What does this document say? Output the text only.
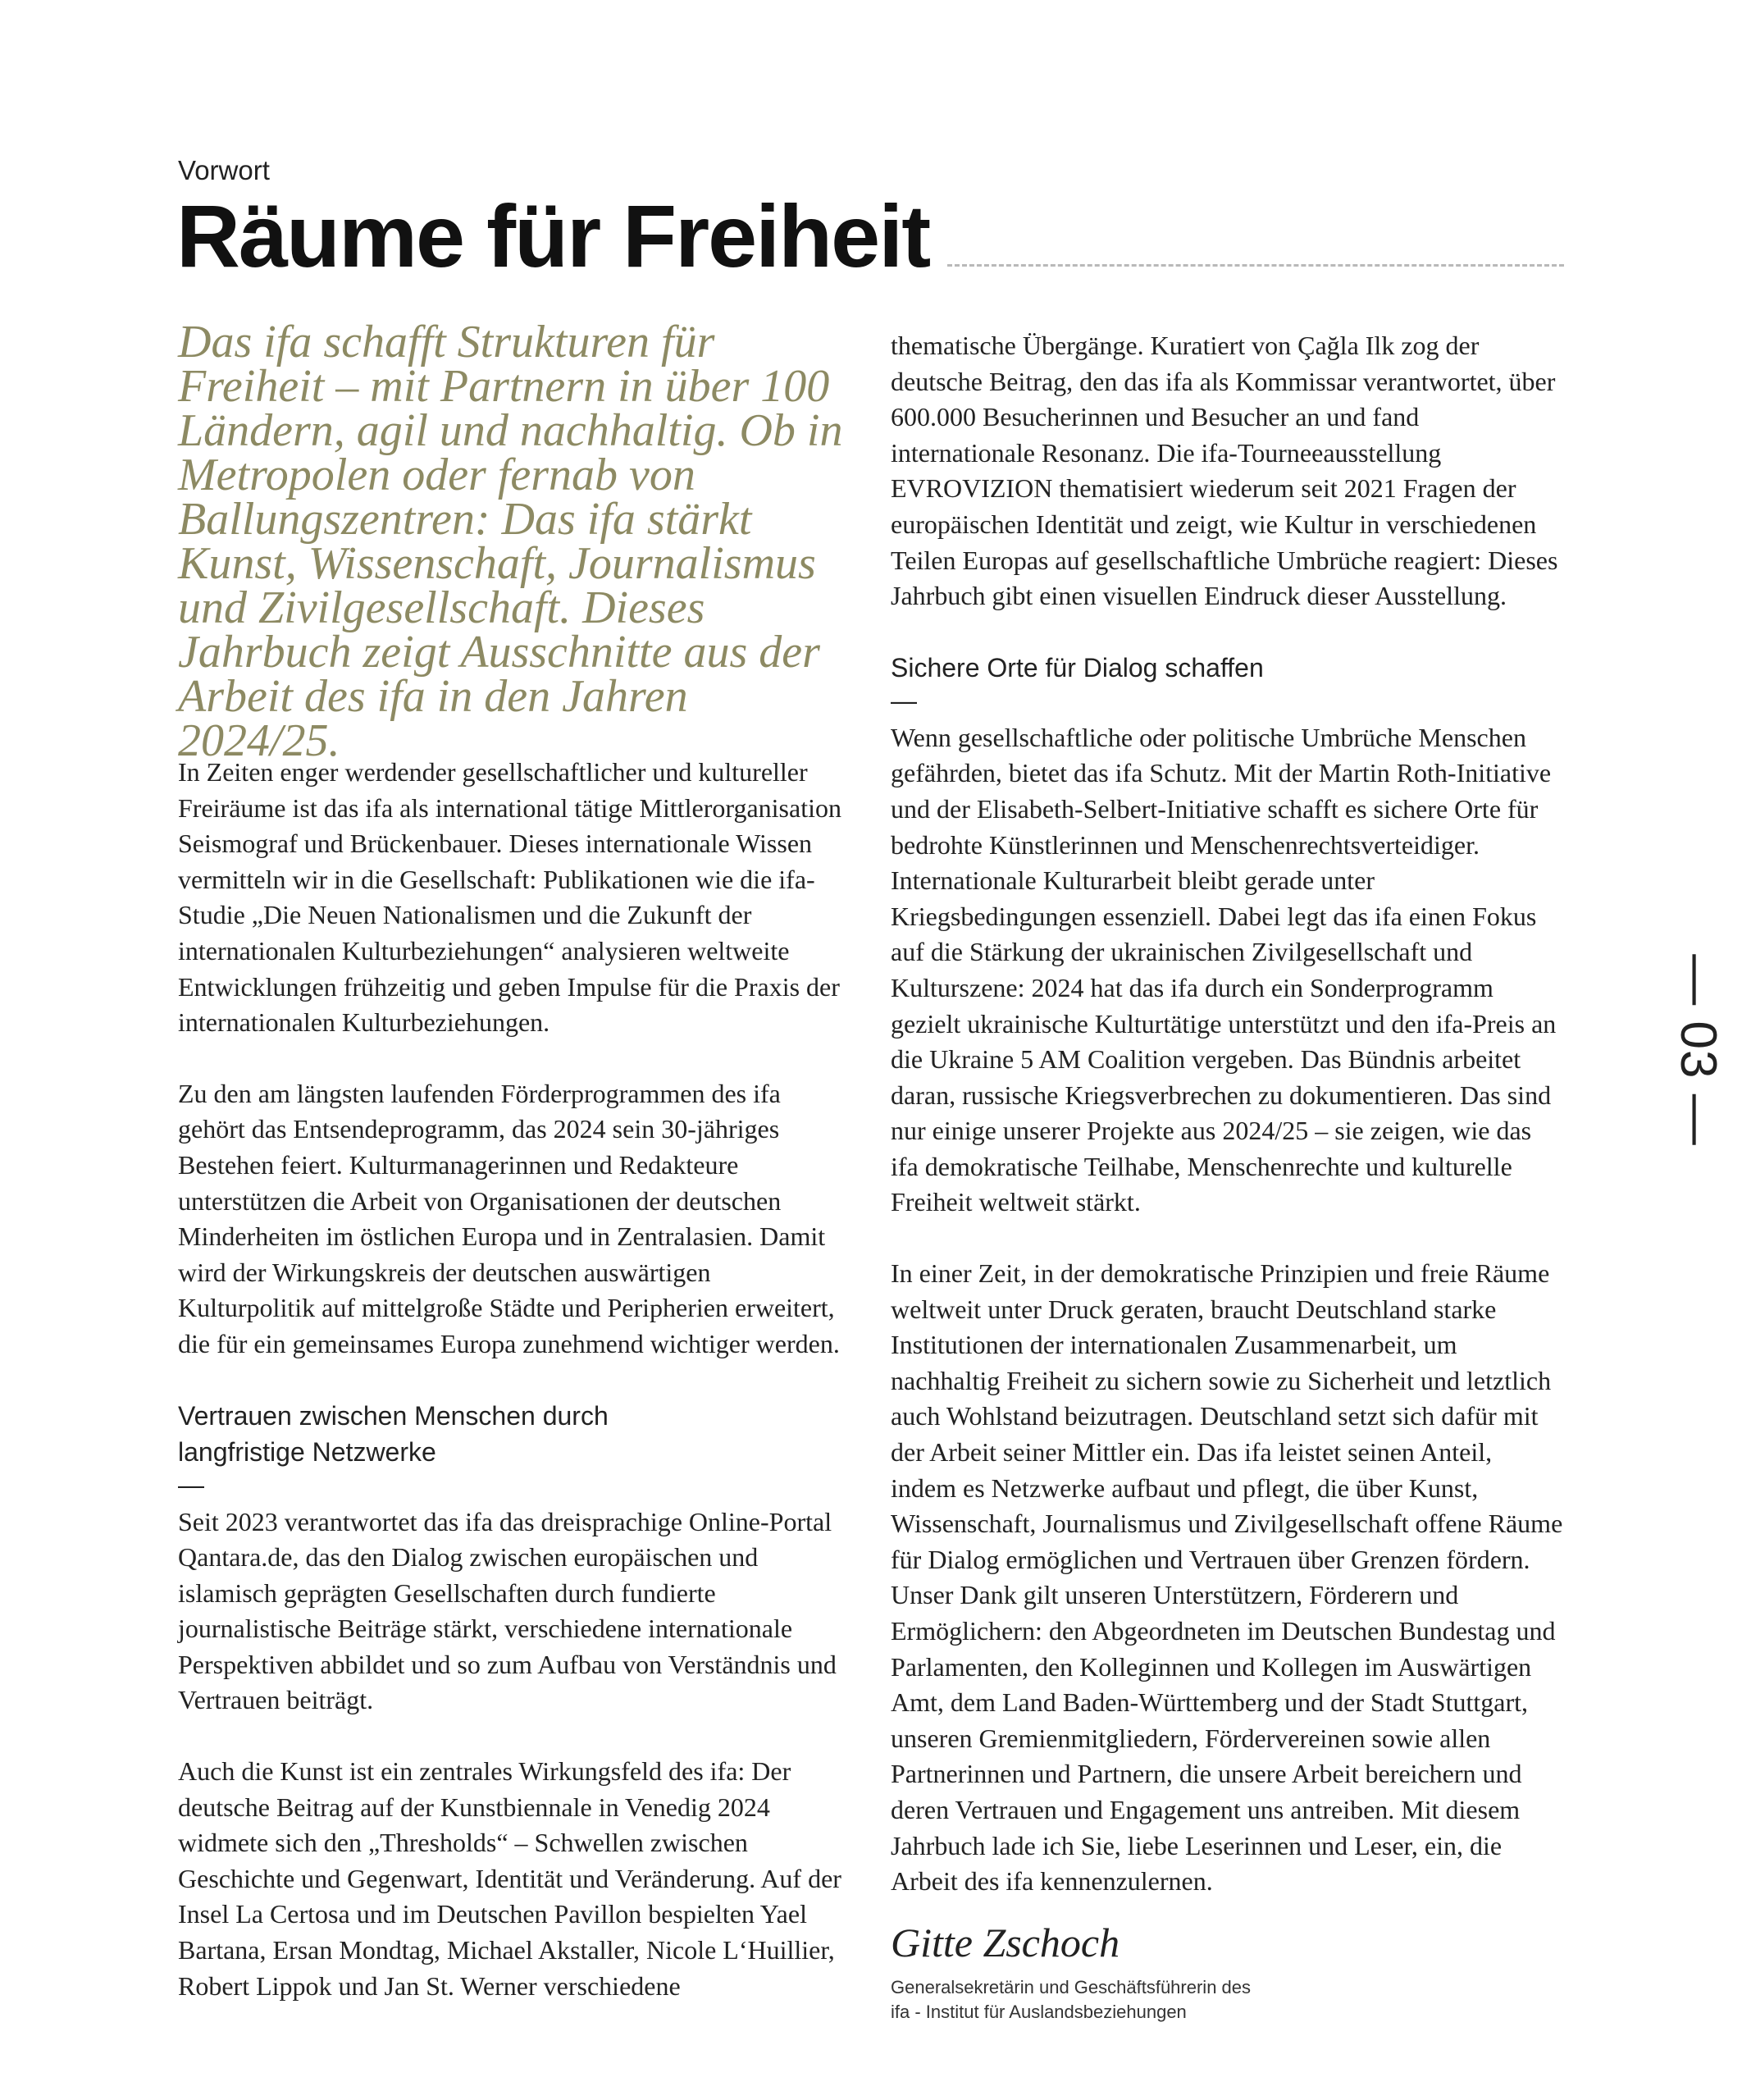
Vorwort
Räume für Freiheit
Das ifa schafft Strukturen für Freiheit – mit Partnern in über 100 Ländern, agil und nachhaltig. Ob in Metropolen oder fernab von Ballungszentren: Das ifa stärkt Kunst, Wissenschaft, Journalismus und Zivilgesellschaft. Dieses Jahrbuch zeigt Ausschnitte aus der Arbeit des ifa in den Jahren 2024/25.

In Zeiten enger werdender gesellschaftlicher und kultureller Freiräume ist das ifa als international tätige Mittlerorganisation Seismograf und Brückenbauer. Dieses internationale Wissen vermitteln wir in die Gesellschaft: Publikationen wie die ifa-Studie „Die Neuen Nationalismen und die Zukunft der internationalen Kulturbeziehungen“ analysieren weltweite Entwicklungen frühzeitig und geben Impulse für die Praxis der internationalen Kulturbeziehungen.

Zu den am längsten laufenden Förderprogrammen des ifa gehört das Entsendeprogramm, das 2024 sein 30-jähriges Bestehen feiert. Kulturmanagerinnen und Redakteure unterstützen die Arbeit von Organisationen der deutschen Minderheiten im östlichen Europa und in Zentralasien. Damit wird der Wirkungskreis der deutschen auswärtigen Kulturpolitik auf mittelgroße Städte und Peripherien erweitert, die für ein gemeinsames Europa zunehmend wichtiger werden.

Vertrauen zwischen Menschen durch

langfristige Netzwerke

—

Seit 2023 verantwortet das ifa das dreisprachige Online-Portal Qantara.de, das den Dialog zwischen europäischen und islamisch geprägten Gesellschaften durch fundierte journalistische Beiträge stärkt, verschiedene internationale Perspektiven abbildet und so zum Aufbau von Verständnis und Vertrauen beiträgt.

Auch die Kunst ist ein zentrales Wirkungsfeld des ifa: Der deutsche Beitrag auf der Kunstbiennale in Venedig 2024 widmete sich den „Thresholds“ – Schwellen zwischen Geschichte und Gegenwart, Identität und Veränderung. Auf der Insel La Certosa und im Deutschen Pavillon bespielten Yael Bartana, Ersan Mondtag, Michael Akstaller, Nicole L‘Huillier, Robert Lippok und Jan St. Werner verschiedene

thematische Übergänge. Kuratiert von Çağla Ilk zog der deutsche Beitrag, den das ifa als Kommissar verantwortet, über 600.000 Besucherinnen und Besucher an und fand internationale Resonanz. Die ifa-Tourneeausstellung EVROVIZION thematisiert wiederum seit 2021 Fragen der europäischen Identität und zeigt, wie Kultur in verschiedenen Teilen Europas auf gesellschaftliche Umbrüche reagiert: Dieses Jahrbuch gibt einen visuellen Eindruck dieser Ausstellung.

Sichere Orte für Dialog schaffen

—

Wenn gesellschaftliche oder politische Umbrüche Menschen gefährden, bietet das ifa Schutz. Mit der Martin Roth-Initiative und der Elisabeth-Selbert-Initiative schafft es sichere Orte für bedrohte Künstlerinnen und Menschenrechtsverteidiger. Internationale Kulturarbeit bleibt gerade unter Kriegsbedingungen essenziell. Dabei legt das ifa einen Fokus auf die Stärkung der ukrainischen Zivilgesellschaft und Kulturszene: 2024 hat das ifa durch ein Sonderprogramm gezielt ukrainische Kulturtätige unterstützt und den ifa-Preis an die Ukraine 5 AM Coalition vergeben. Das Bündnis arbeitet daran, russische Kriegsverbrechen zu dokumentieren. Das sind nur einige unserer Projekte aus 2024/25 – sie zeigen, wie das ifa demokratische Teilhabe, Menschenrechte und kulturelle Freiheit weltweit stärkt.

In einer Zeit, in der demokratische Prinzipien und freie Räume weltweit unter Druck geraten, braucht Deutschland starke Institutionen der internationalen Zusammenarbeit, um nachhaltig Freiheit zu sichern sowie zu Sicherheit und letztlich auch Wohlstand beizutragen. Deutschland setzt sich dafür mit der Arbeit seiner Mittler ein. Das ifa leistet seinen Anteil, indem es Netzwerke aufbaut und pflegt, die über Kunst, Wissenschaft, Journalismus und Zivilgesellschaft offene Räume für Dialog ermöglichen und Vertrauen über Grenzen fördern. Unser Dank gilt unseren Unterstützern, Förderern und Ermöglichern: den Abgeordneten im Deutschen Bundestag und Parlamenten, den Kolleginnen und Kollegen im Auswärtigen Amt, dem Land Baden-Württemberg und der Stadt Stuttgart, unseren Gremienmitgliedern, Fördervereinen sowie allen Partnerinnen und Partnern, die unsere Arbeit bereichern und deren Vertrauen und Engagement uns antreiben. Mit diesem Jahrbuch lade ich Sie, liebe Leserinnen und Leser, ein, die Arbeit des ifa kennenzulernen.

Gitte Zschoch
Generalsekretärin und Geschäftsführerin des
ifa - Institut für Auslandsbeziehungen
— 03 —
